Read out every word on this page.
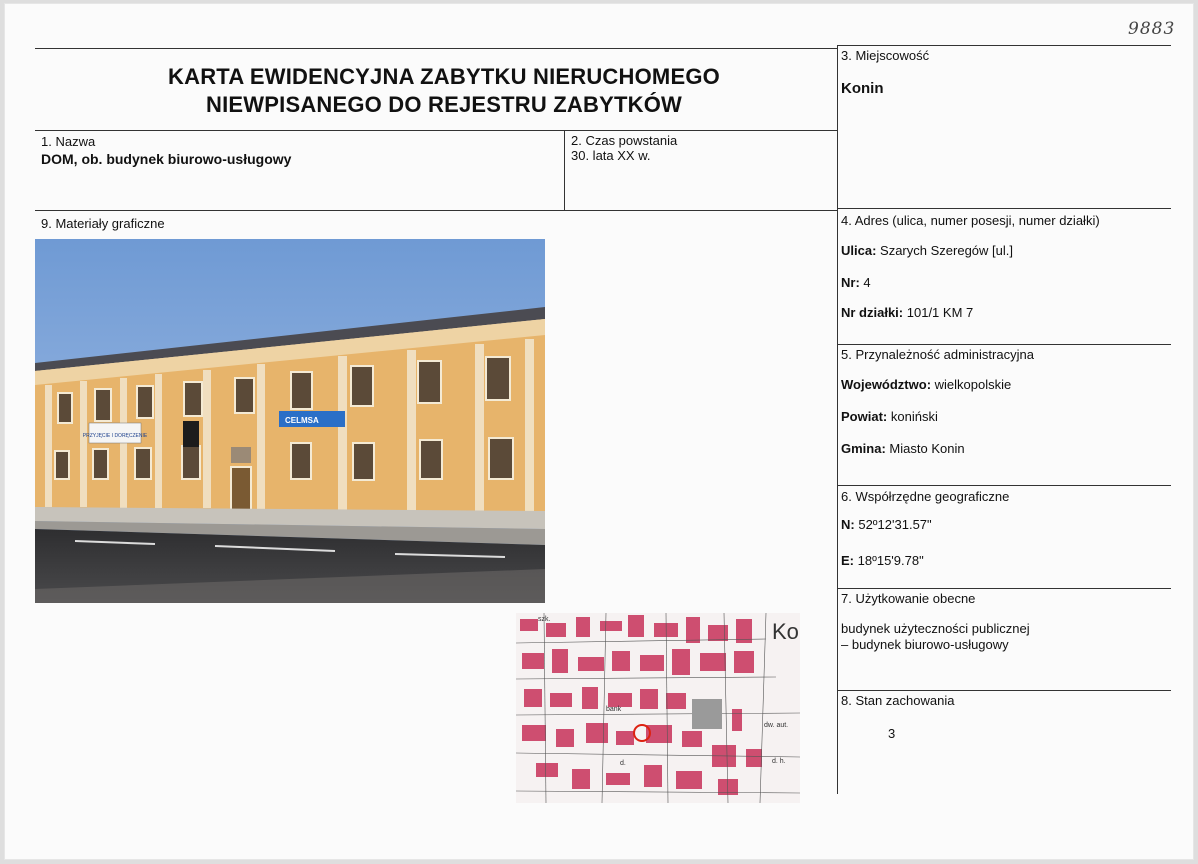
9883
KARTA EWIDENCYJNA ZABYTKU NIERUCHOMEGO
NIEWPISANEGO DO REJESTRU ZABYTKÓW
1. Nazwa
DOM, ob. budynek biurowo-usługowy
2. Czas powstania
30. lata XX w.
3. Miejscowość
Konin
4. Adres (ulica, numer posesji, numer działki)
Ulica: Szarych Szeregów [ul.]
Nr: 4
Nr działki: 101/1 KM 7
5. Przynależność administracyjna
Województwo: wielkopolskie
Powiat: koniński
Gmina: Miasto Konin
6. Współrzędne geograficzne
N: 52º12'31.57"
E: 18º15'9.78"
7. Użytkowanie obecne
budynek użyteczności publicznej
– budynek biurowo-usługowy
8. Stan zachowania
3
9. Materiały graficzne
PRZYJĘCIE I DORĘCZENIE
CELMSA
Ko
dw. aut.
d. h.
szk.
bank
d.
